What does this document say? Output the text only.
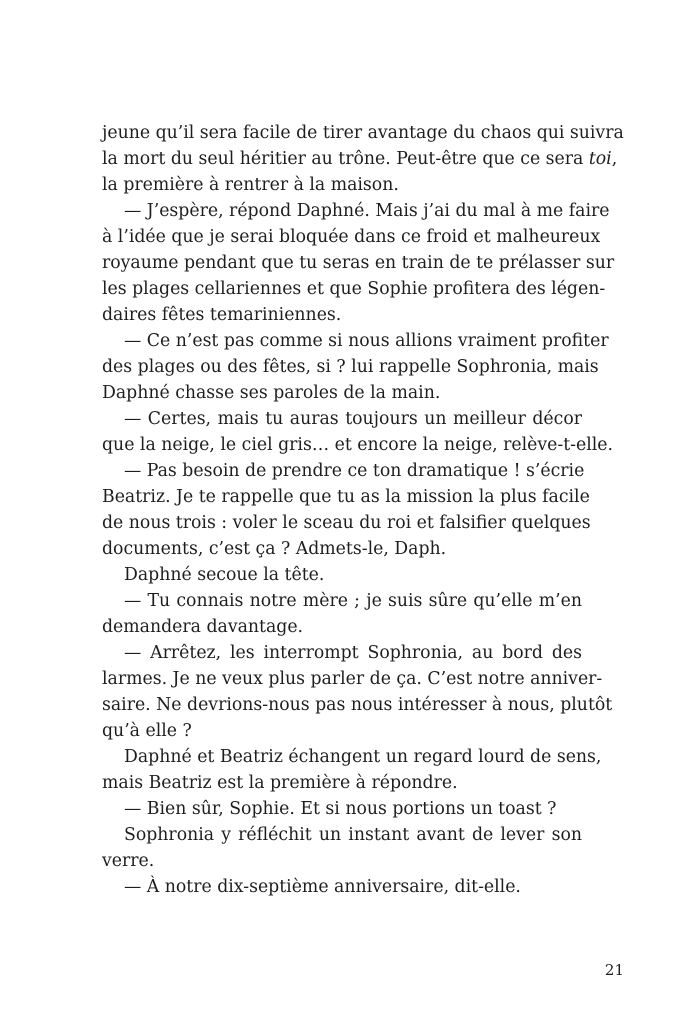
jeune qu’il sera facile de tirer avantage du chaos qui suivra
la mort du seul héritier au trône. Peut-être que ce sera toi,
la première à rentrer à la maison.
— J’espère, répond Daphné. Mais j’ai du mal à me faire
à l’idée que je serai bloquée dans ce froid et malheureux
royaume pendant que tu seras en train de te prélasser sur
les plages cellariennes et que Sophie profitera des légen-
daires fêtes temariniennes.
— Ce n’est pas comme si nous allions vraiment profiter
des plages ou des fêtes, si ? lui rappelle Sophronia, mais
Daphné chasse ses paroles de la main.
— Certes, mais tu auras toujours un meilleur décor
que la neige, le ciel gris… et encore la neige, relève-t-elle.
— Pas besoin de prendre ce ton dramatique ! s’écrie
Beatriz. Je te rappelle que tu as la mission la plus facile
de nous trois : voler le sceau du roi et falsifier quelques
documents, c’est ça ? Admets-le, Daph.
Daphné secoue la tête.
— Tu connais notre mère ; je suis sûre qu’elle m’en
demandera davantage.
— Arrêtez, les interrompt Sophronia, au bord des
larmes. Je ne veux plus parler de ça. C’est notre anniver-
saire. Ne devrions-nous pas nous intéresser à nous, plutôt
qu’à elle ?
Daphné et Beatriz échangent un regard lourd de sens,
mais Beatriz est la première à répondre.
— Bien sûr, Sophie. Et si nous portions un toast ?
Sophronia y réfléchit un instant avant de lever son
verre.
— À notre dix-septième anniversaire, dit-elle.
21
